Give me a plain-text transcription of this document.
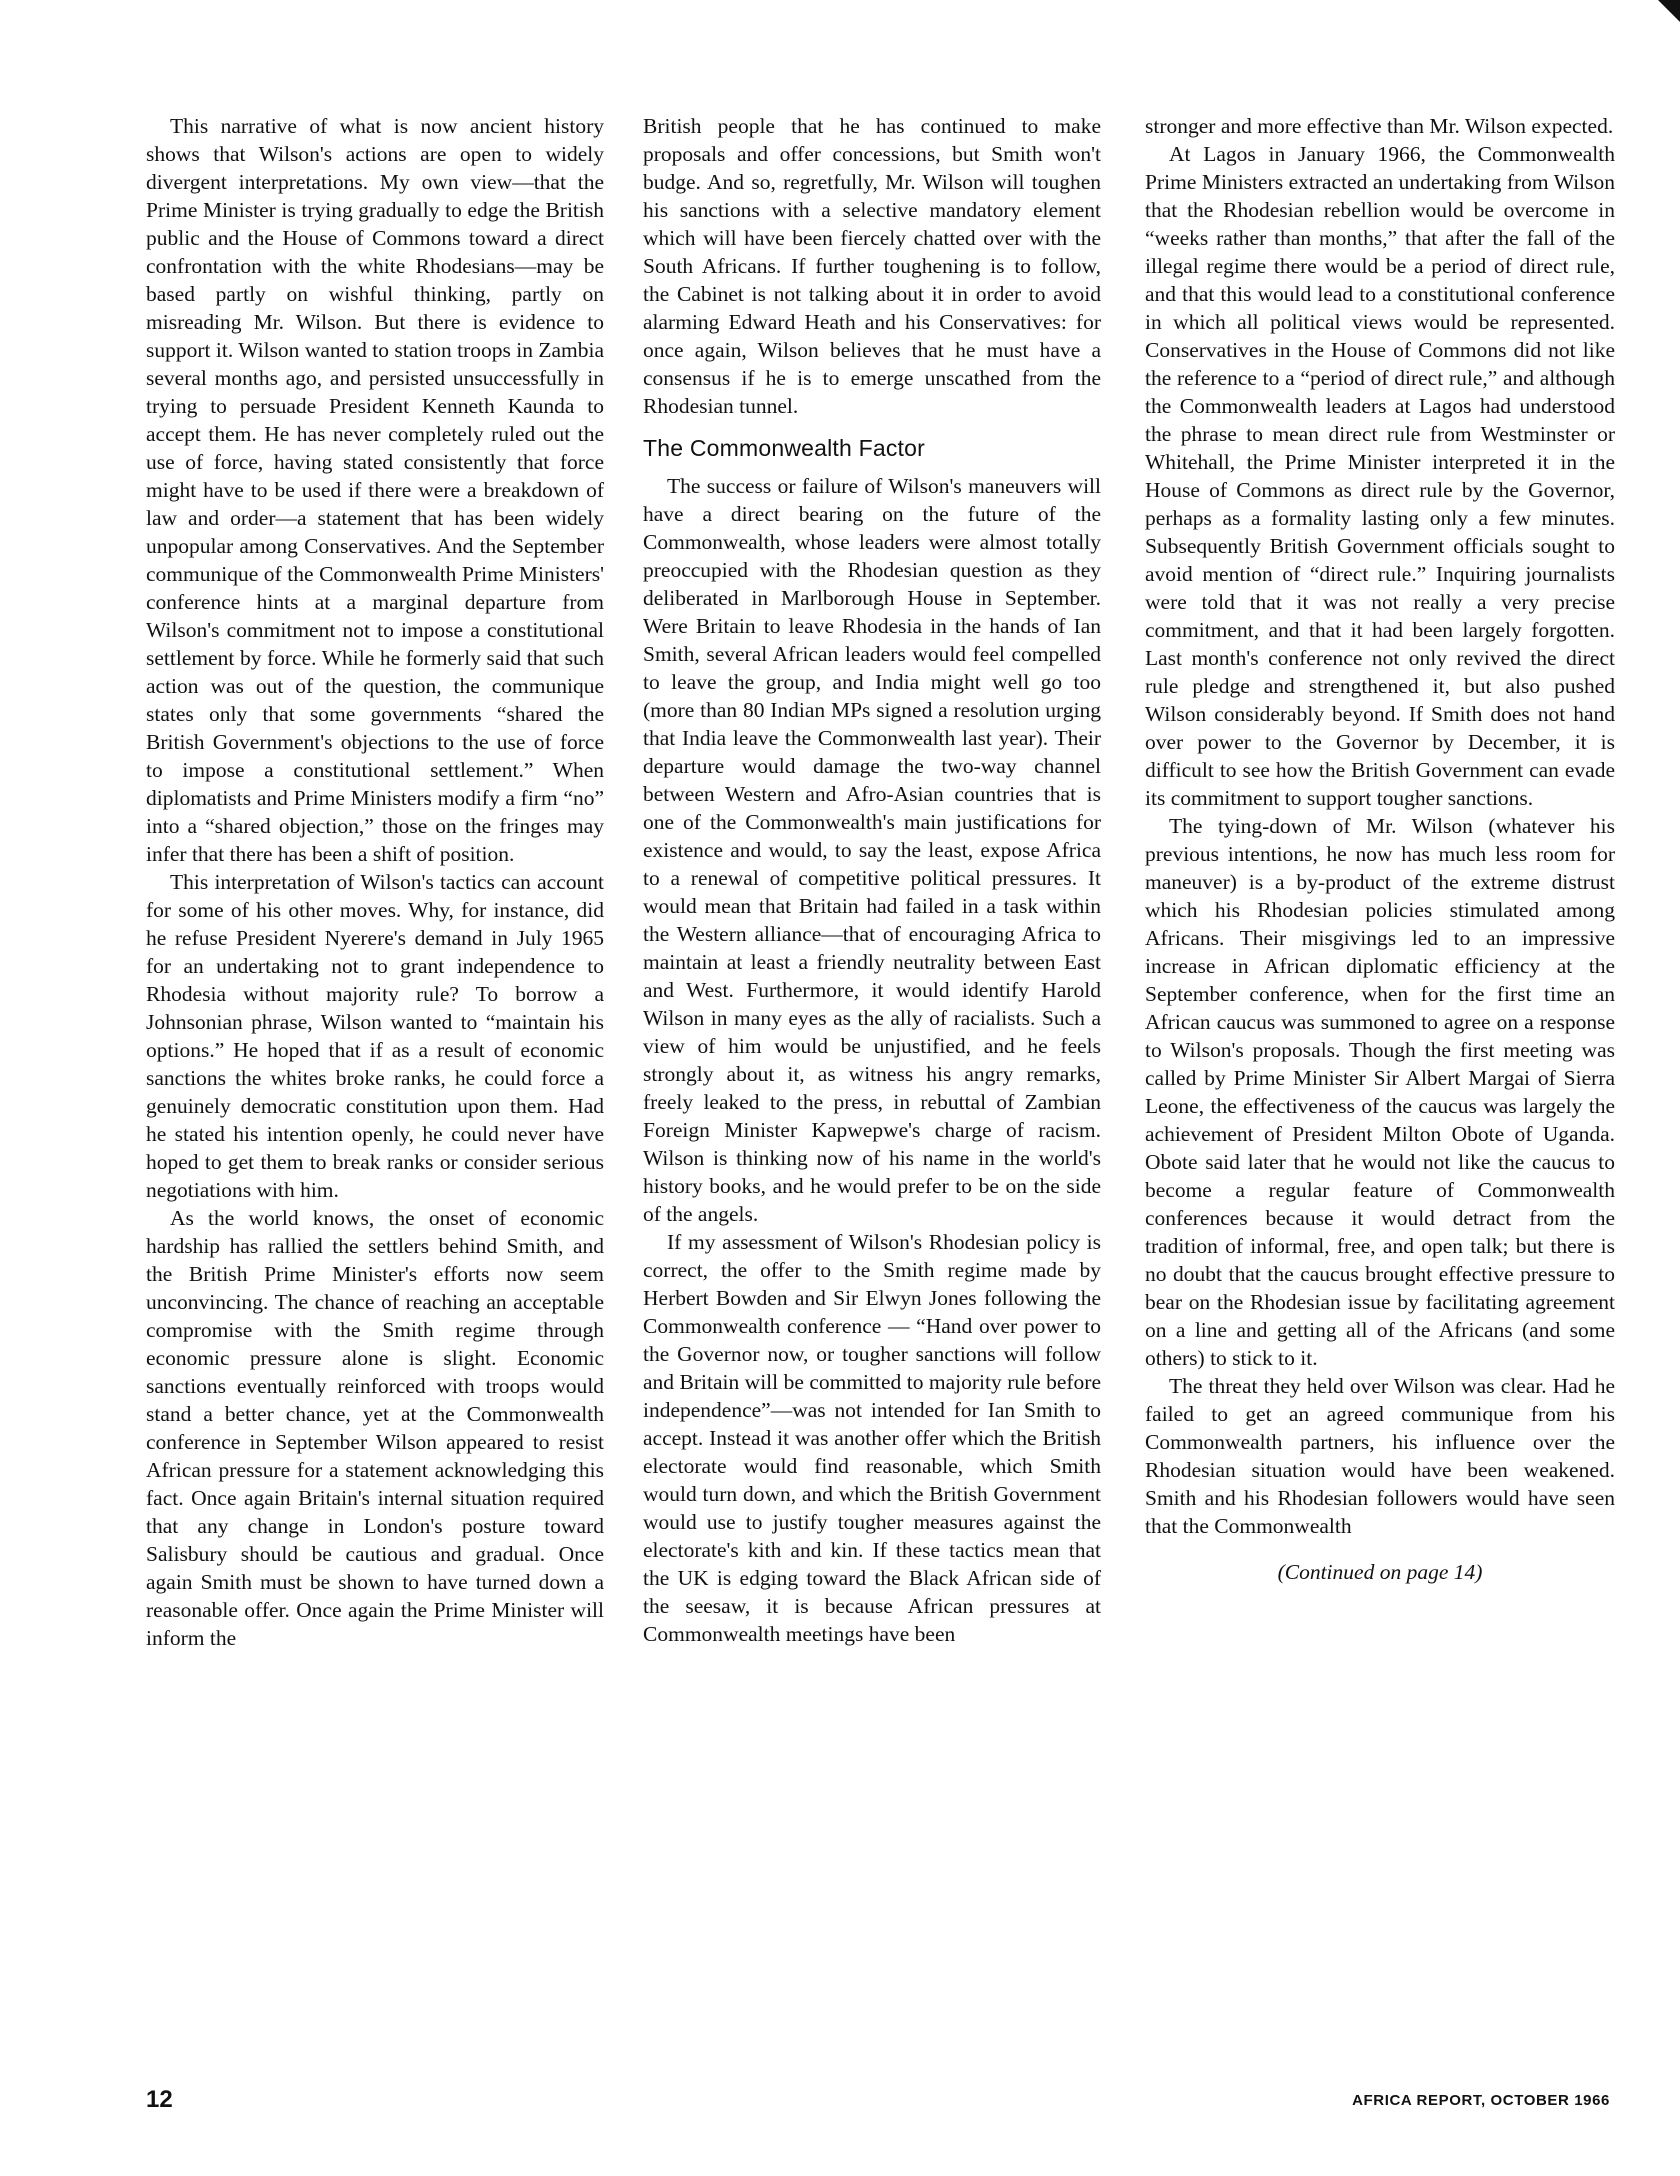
This narrative of what is now ancient history shows that Wilson's actions are open to widely divergent interpretations. My own view—that the Prime Minister is trying gradually to edge the British public and the House of Commons toward a direct confrontation with the white Rhodesians—may be based partly on wishful thinking, partly on misreading Mr. Wilson. But there is evidence to support it. Wilson wanted to station troops in Zambia several months ago, and persisted unsuccessfully in trying to persuade President Kenneth Kaunda to accept them. He has never completely ruled out the use of force, having stated consistently that force might have to be used if there were a breakdown of law and order—a statement that has been widely unpopular among Conservatives. And the September communique of the Commonwealth Prime Ministers' conference hints at a marginal departure from Wilson's commitment not to impose a constitutional settlement by force. While he formerly said that such action was out of the question, the communique states only that some governments “shared the British Government's objections to the use of force to impose a constitutional settlement.” When diplomatists and Prime Ministers modify a firm “no” into a “shared objection,” those on the fringes may infer that there has been a shift of position.

This interpretation of Wilson's tactics can account for some of his other moves. Why, for instance, did he refuse President Nyerere's demand in July 1965 for an undertaking not to grant independence to Rhodesia without majority rule? To borrow a Johnsonian phrase, Wilson wanted to “maintain his options.” He hoped that if as a result of economic sanctions the whites broke ranks, he could force a genuinely democratic constitution upon them. Had he stated his intention openly, he could never have hoped to get them to break ranks or consider serious negotiations with him.

As the world knows, the onset of economic hardship has rallied the settlers behind Smith, and the British Prime Minister's efforts now seem unconvincing. The chance of reaching an acceptable compromise with the Smith regime through economic pressure alone is slight. Economic sanctions eventually reinforced with troops would stand a better chance, yet at the Commonwealth conference in September Wilson appeared to resist African pressure for a statement acknowledging this fact. Once again Britain's internal situation required that any change in London's posture toward Salisbury should be cautious and gradual. Once again Smith must be shown to have turned down a reasonable offer. Once again the Prime Minister will inform the

British people that he has continued to make proposals and offer concessions, but Smith won't budge. And so, regretfully, Mr. Wilson will toughen his sanctions with a selective mandatory element which will have been fiercely chatted over with the South Africans. If further toughening is to follow, the Cabinet is not talking about it in order to avoid alarming Edward Heath and his Conservatives: for once again, Wilson believes that he must have a consensus if he is to emerge unscathed from the Rhodesian tunnel.

The Commonwealth Factor

The success or failure of Wilson's maneuvers will have a direct bearing on the future of the Commonwealth, whose leaders were almost totally preoccupied with the Rhodesian question as they deliberated in Marlborough House in September. Were Britain to leave Rhodesia in the hands of Ian Smith, several African leaders would feel compelled to leave the group, and India might well go too (more than 80 Indian MPs signed a resolution urging that India leave the Commonwealth last year). Their departure would damage the two-way channel between Western and Afro-Asian countries that is one of the Commonwealth's main justifications for existence and would, to say the least, expose Africa to a renewal of competitive political pressures. It would mean that Britain had failed in a task within the Western alliance—that of encouraging Africa to maintain at least a friendly neutrality between East and West. Furthermore, it would identify Harold Wilson in many eyes as the ally of racialists. Such a view of him would be unjustified, and he feels strongly about it, as witness his angry remarks, freely leaked to the press, in rebuttal of Zambian Foreign Minister Kapwepwe's charge of racism. Wilson is thinking now of his name in the world's history books, and he would prefer to be on the side of the angels.

If my assessment of Wilson's Rhodesian policy is correct, the offer to the Smith regime made by Herbert Bowden and Sir Elwyn Jones following the Commonwealth conference — “Hand over power to the Governor now, or tougher sanctions will follow and Britain will be committed to majority rule before independence”—was not intended for Ian Smith to accept. Instead it was another offer which the British electorate would find reasonable, which Smith would turn down, and which the British Government would use to justify tougher measures against the electorate's kith and kin. If these tactics mean that the UK is edging toward the Black African side of the seesaw, it is because African pressures at Commonwealth meetings have been

stronger and more effective than Mr. Wilson expected.

At Lagos in January 1966, the Commonwealth Prime Ministers extracted an undertaking from Wilson that the Rhodesian rebellion would be overcome in “weeks rather than months,” that after the fall of the illegal regime there would be a period of direct rule, and that this would lead to a constitutional conference in which all political views would be represented. Conservatives in the House of Commons did not like the reference to a “period of direct rule,” and although the Commonwealth leaders at Lagos had understood the phrase to mean direct rule from Westminster or Whitehall, the Prime Minister interpreted it in the House of Commons as direct rule by the Governor, perhaps as a formality lasting only a few minutes. Subsequently British Government officials sought to avoid mention of “direct rule.” Inquiring journalists were told that it was not really a very precise commitment, and that it had been largely forgotten. Last month's conference not only revived the direct rule pledge and strengthened it, but also pushed Wilson considerably beyond. If Smith does not hand over power to the Governor by December, it is difficult to see how the British Government can evade its commitment to support tougher sanctions.

The tying-down of Mr. Wilson (whatever his previous intentions, he now has much less room for maneuver) is a by-product of the extreme distrust which his Rhodesian policies stimulated among Africans. Their misgivings led to an impressive increase in African diplomatic efficiency at the September conference, when for the first time an African caucus was summoned to agree on a response to Wilson's proposals. Though the first meeting was called by Prime Minister Sir Albert Margai of Sierra Leone, the effectiveness of the caucus was largely the achievement of President Milton Obote of Uganda. Obote said later that he would not like the caucus to become a regular feature of Commonwealth conferences because it would detract from the tradition of informal, free, and open talk; but there is no doubt that the caucus brought effective pressure to bear on the Rhodesian issue by facilitating agreement on a line and getting all of the Africans (and some others) to stick to it.

The threat they held over Wilson was clear. Had he failed to get an agreed communique from his Commonwealth partners, his influence over the Rhodesian situation would have been weakened. Smith and his Rhodesian followers would have seen that the Commonwealth

(Continued on page 14)
12	AFRICA REPORT, OCTOBER 1966
